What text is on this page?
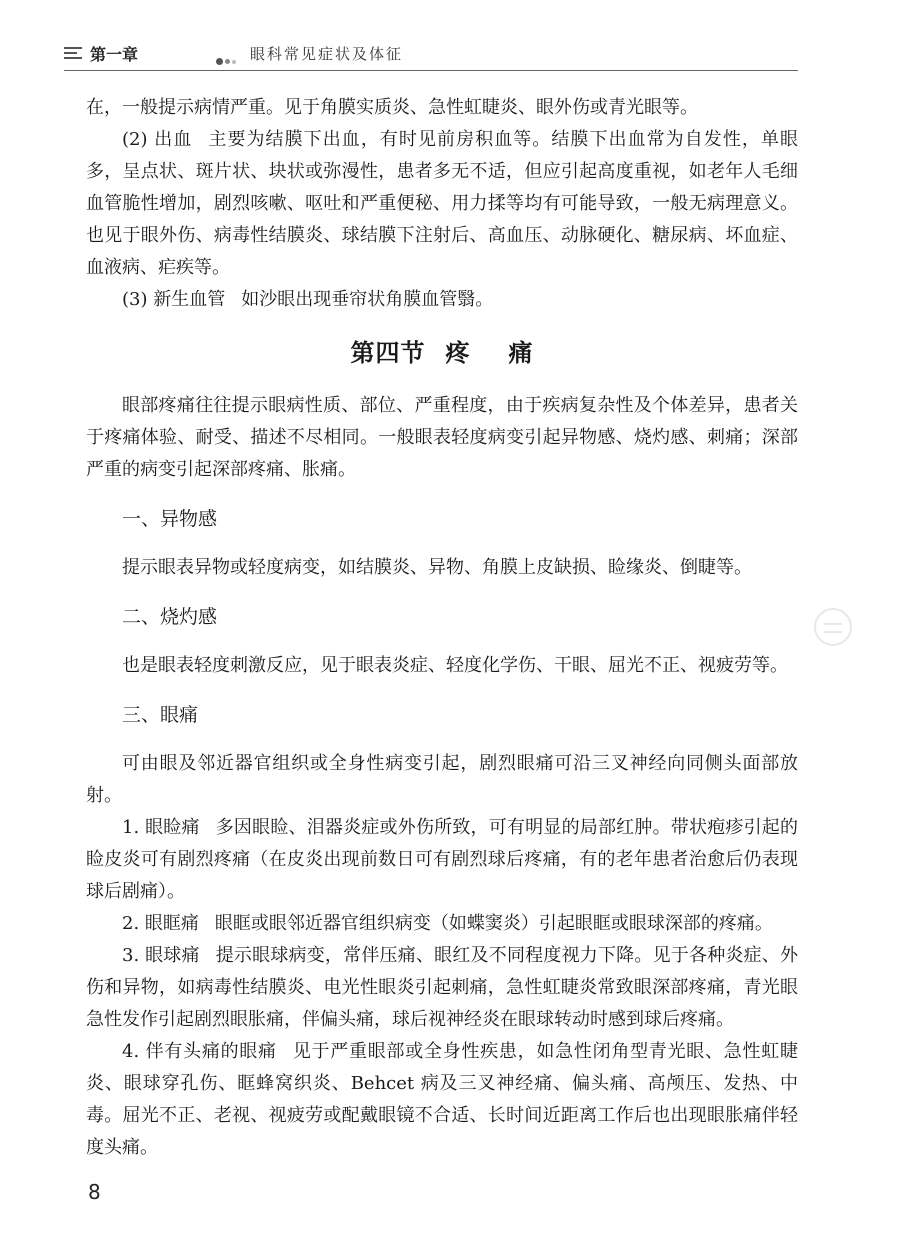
第一章	眼科常见症状及体征

在，一般提示病情严重。见于角膜实质炎、急性虹睫炎、眼外伤或青光眼等。

(2) 出血 主要为结膜下出血，有时见前房积血等。结膜下出血常为自发性，单眼多，呈点状、斑片状、块状或弥漫性，患者多无不适，但应引起高度重视，如老年人毛细血管脆性增加，剧烈咳嗽、呕吐和严重便秘、用力揉等均有可能导致，一般无病理意义。也见于眼外伤、病毒性结膜炎、球结膜下注射后、高血压、动脉硬化、糖尿病、坏血症、血液病、疟疾等。

(3) 新生血管 如沙眼出现垂帘状角膜血管翳。

第四节 疼 痛

眼部疼痛往往提示眼病性质、部位、严重程度，由于疾病复杂性及个体差异，患者关于疼痛体验、耐受、描述不尽相同。一般眼表轻度病变引起异物感、烧灼感、刺痛；深部严重的病变引起深部疼痛、胀痛。

一、异物感

提示眼表异物或轻度病变，如结膜炎、异物、角膜上皮缺损、睑缘炎、倒睫等。

二、烧灼感

也是眼表轻度刺激反应，见于眼表炎症、轻度化学伤、干眼、屈光不正、视疲劳等。

三、眼痛

可由眼及邻近器官组织或全身性病变引起，剧烈眼痛可沿三叉神经向同侧头面部放射。

1. 眼睑痛 多因眼睑、泪器炎症或外伤所致，可有明显的局部红肿。带状疱疹引起的睑皮炎可有剧烈疼痛（在皮炎出现前数日可有剧烈球后疼痛，有的老年患者治愈后仍表现球后剧痛）。

2. 眼眶痛 眼眶或眼邻近器官组织病变（如蝶窦炎）引起眼眶或眼球深部的疼痛。

3. 眼球痛 提示眼球病变，常伴压痛、眼红及不同程度视力下降。见于各种炎症、外伤和异物，如病毒性结膜炎、电光性眼炎引起刺痛，急性虹睫炎常致眼深部疼痛，青光眼急性发作引起剧烈眼胀痛，伴偏头痛，球后视神经炎在眼球转动时感到球后疼痛。

4. 伴有头痛的眼痛 见于严重眼部或全身性疾患，如急性闭角型青光眼、急性虹睫炎、眼球穿孔伤、眶蜂窝织炎、Behcet 病及三叉神经痛、偏头痛、高颅压、发热、中毒。屈光不正、老视、视疲劳或配戴眼镜不合适、长时间近距离工作后也出现眼胀痛伴轻度头痛。

8
